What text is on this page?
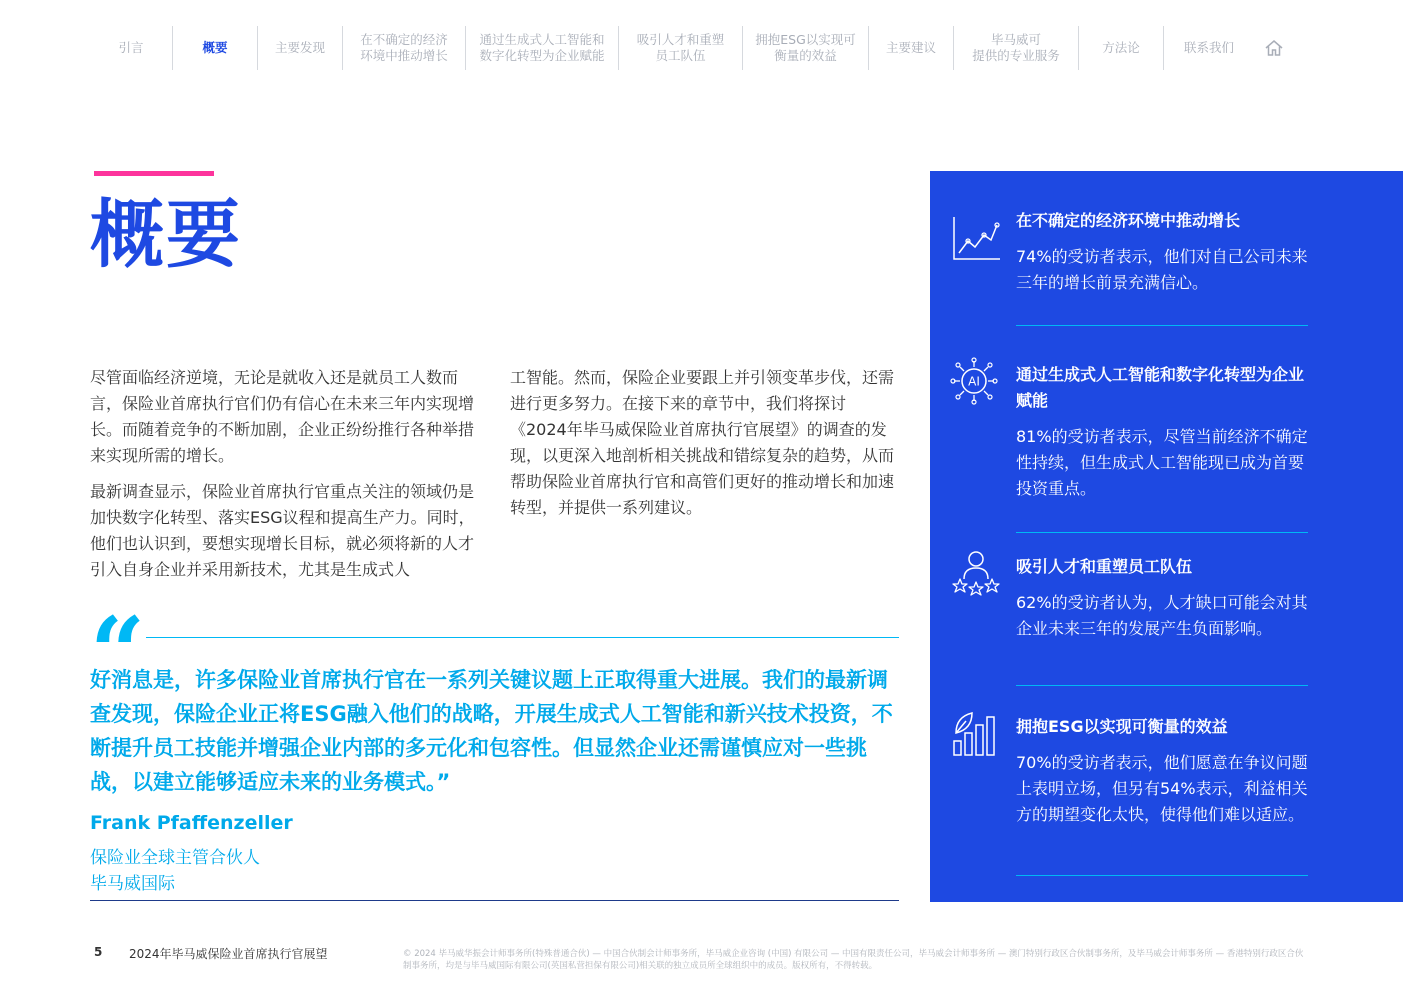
引言	概要	主要发现
在不确定的经济
环境中推动增长
通过生成式人工智能和
数字化转型为企业赋能
吸引人才和重塑
员工队伍
拥抱ESG以实现可
衡量的效益
主要建议
毕马威可
提供的专业服务
方法论	联系我们
概要

尽管面临经济逆境，无论是就收入还是就员工人数而言，保险业首席执行官们仍有信心在未来三年内实现增长。而随着竞争的不断加剧，企业正纷纷推行各种举措来实现所需的增长。

最新调查显示，保险业首席执行官重点关注的领域仍是加快数字化转型、落实ESG议程和提高生产力。同时，他们也认识到，要想实现增长目标，就必须将新的人才引入自身企业并采用新技术，尤其是生成式人

工智能。然而，保险企业要跟上并引领变革步伐，还需进行更多努力。在接下来的章节中，我们将探讨《2024年毕马威保险业首席执行官展望》的调查的发现，以更深入地剖析相关挑战和错综复杂的趋势，从而帮助保险业首席执行官和高管们更好的推动增长和加速转型，并提供一系列建议。

“
好消息是，许多保险业首席执行官在一系列关键议题上正取得重大进展。我们的最新调查发现，保险企业正将ESG融入他们的战略，开展生成式人工智能和新兴技术投资，不断提升员工技能并增强企业内部的多元化和包容性。但显然企业还需谨慎应对一些挑战，以建立能够适应未来的业务模式。”
Frank Pfaffenzeller
保险业全球主管合伙人
毕马威国际
在不确定的经济环境中推动增长
74%的受访者表示，他们对自己公司未来三年的增长前景充满信心。
AI 通过生成式人工智能和数字化转型为企业赋能
81%的受访者表示，尽管当前经济不确定性持续，但生成式人工智能现已成为首要投资重点。
吸引人才和重塑员工队伍
62%的受访者认为，人才缺口可能会对其企业未来三年的发展产生负面影响。
拥抱ESG以实现可衡量的效益
70%的受访者表示，他们愿意在争议问题上表明立场，但另有54%表示，利益相关方的期望变化太快，使得他们难以适应。
5 2024年毕马威保险业首席执行官展望	© 2024 毕马威华振会计师事务所(特殊普通合伙) — 中国合伙制会计师事务所，毕马威企业咨询 (中国) 有限公司 — 中国有限责任公司，毕马威会计师事务所 — 澳门特别行政区合伙制事务所，及毕马威会计师事务所 — 香港特别行政区合伙制事务所，均是与毕马威国际有限公司(英国私营担保有限公司)相关联的独立成员所全球组织中的成员。版权所有，不得转载。
